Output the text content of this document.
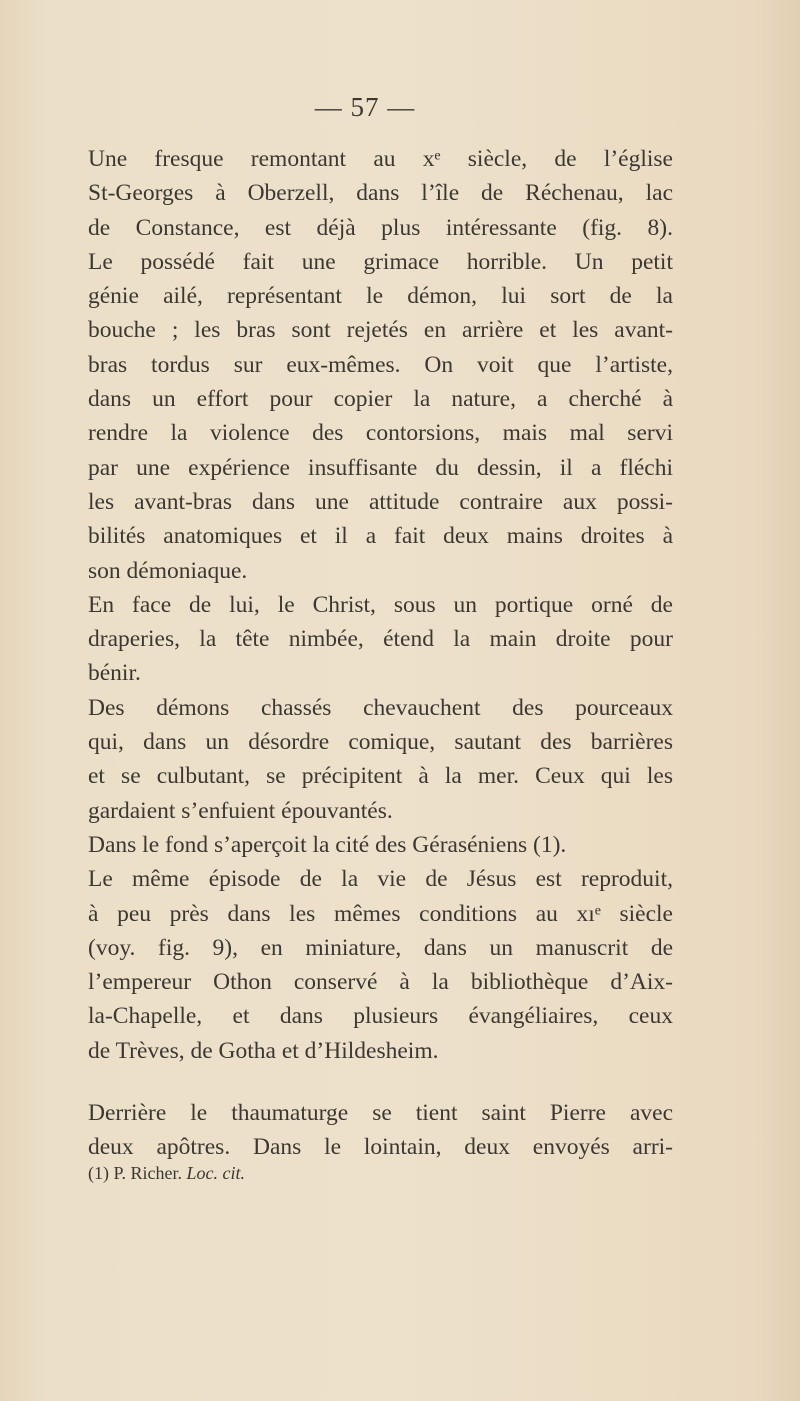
— 57 —
Une fresque remontant au xᵉ siècle, de l’église
St-Georges à Oberzell, dans l’île de Réchenau, lac
de Constance, est déjà plus intéressante (fig. 8).
Le possédé fait une grimace horrible. Un petit
génie ailé, représentant le démon, lui sort de la
bouche ; les bras sont rejetés en arrière et les avant-
bras tordus sur eux-mêmes. On voit que l’artiste,
dans un effort pour copier la nature, a cherché à
rendre la violence des contorsions, mais mal servi
par une expérience insuffisante du dessin, il a fléchi
les avant-bras dans une attitude contraire aux possi-
bilités anatomiques et il a fait deux mains droites à
son démoniaque.
En face de lui, le Christ, sous un portique orné de
draperies, la tête nimbée, étend la main droite pour
bénir.
Des démons chassés chevauchent des pourceaux
qui, dans un désordre comique, sautant des barrières
et se culbutant, se précipitent à la mer. Ceux qui les
gardaient s’enfuient épouvantés.
Dans le fond s’aperçoit la cité des Géraséniens (1).
Le même épisode de la vie de Jésus est reproduit,
à peu près dans les mêmes conditions au xıᵉ siècle
(voy. fig. 9), en miniature, dans un manuscrit de
l’empereur Othon conservé à la bibliothèque d’Aix-
la-Chapelle, et dans plusieurs évangéliaires, ceux
de Trèves, de Gotha et d’Hildesheim.
Derrière le thaumaturge se tient saint Pierre avec
deux apôtres. Dans le lointain, deux envoyés arri-
(1) P. Richer. Loc. cit.
